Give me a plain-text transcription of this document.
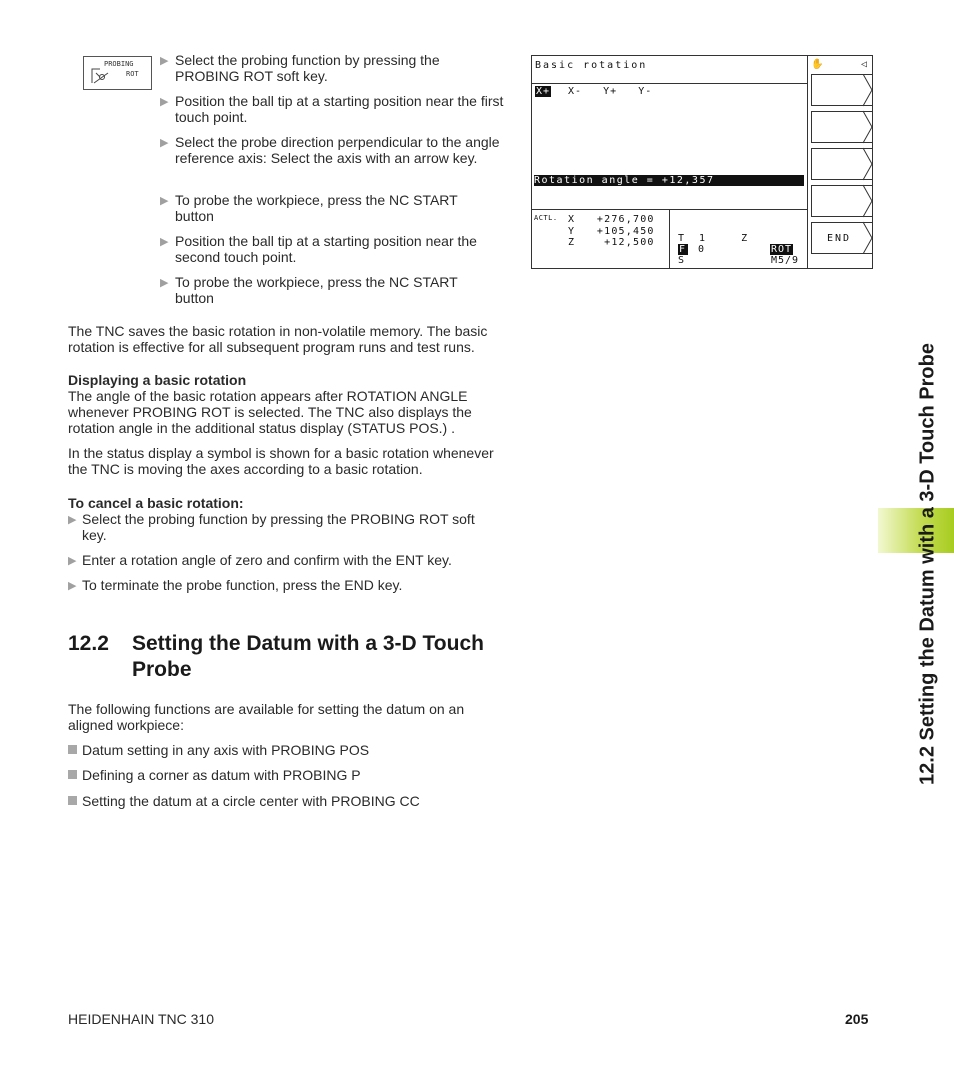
PROBING
ROT
▶ Select the probing function by pressing the PROBING ROT soft key.
▶ Position the ball tip at a starting position near the first touch point.
▶ Select the probe direction perpendicular to the angle reference axis: Select the axis with an arrow key.
▶ To probe the workpiece, press the NC START button
▶ Position the ball tip at a starting position near the second touch point.
▶ To probe the workpiece, press the NC START button
Basic rotation
X+ X-   Y+   Y-
Rotation angle = +12,357
ACTL. X   +276,700
Y   +105,450
Z    +12,500 T  1     Z
F 0	ROT
S	M5/9
✋	◁
END
The TNC saves the basic rotation in non-volatile memory. The basic rotation is effective for all subsequent program runs and test runs.
Displaying a basic rotation
The angle of the basic rotation appears after ROTATION ANGLE whenever PROBING ROT is selected. The TNC also displays the rotation angle in the additional status display (STATUS POS.) .
In the status display a symbol is shown for a basic rotation whenever the TNC is moving the axes according to a basic rotation.
To cancel a basic rotation:
▶ Select the probing function by pressing the PROBING ROT soft key.
▶ Enter a rotation angle of zero and confirm with the ENT key.
▶ To terminate the probe function, press the END key.
12.2 Setting the Datum with a 3-D Touch
Probe
The following functions are available for setting the datum on an aligned workpiece:
Datum setting in any axis with PROBING POS
Defining a corner as datum with PROBING P
Setting the datum at a circle center with PROBING CC
12.2 Setting the Datum with a 3-D Touch Probe
HEIDENHAIN TNC 310	205
